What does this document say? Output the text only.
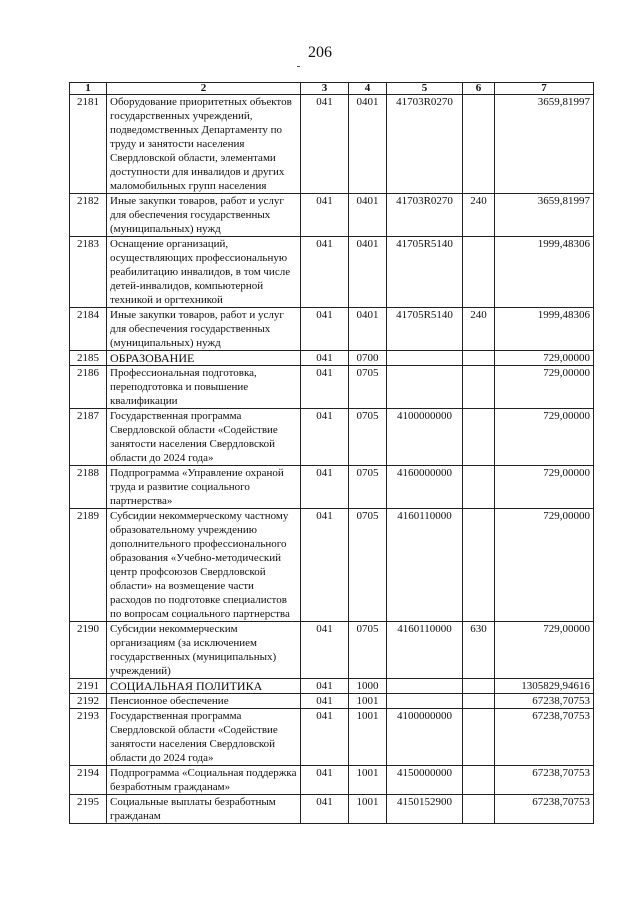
206
1	2	3	4	5	6	7
2181	Оборудование приоритетных объектов государственных учреждений, подведомственных Департаменту по труду и занятости населения Свердловской области, элементами доступности для инвалидов и других маломобильных групп населения	041	0401	41703R0270		3659,81997
2182	Иные закупки товаров, работ и услуг для обеспечения государственных (муниципальных) нужд	041	0401	41703R0270	240	3659,81997
2183	Оснащение организаций, осуществляющих профессиональную реабилитацию инвалидов, в том числе детей-инвалидов, компьютерной техникой и оргтехникой	041	0401	41705R5140		1999,48306
2184	Иные закупки товаров, работ и услуг для обеспечения государственных (муниципальных) нужд	041	0401	41705R5140	240	1999,48306
2185	ОБРАЗОВАНИЕ	041	0700			729,00000
2186	Профессиональная подготовка, переподготовка и повышение квалификации	041	0705			729,00000
2187	Государственная программа Свердловской области «Содействие занятости населения Свердловской области до 2024 года»	041	0705	4100000000		729,00000
2188	Подпрограмма «Управление охраной труда и развитие социального партнерства»	041	0705	4160000000		729,00000
2189	Субсидии некоммерческому частному образовательному учреждению дополнительного профессионального образования «Учебно-методический центр профсоюзов Свердловской области» на возмещение части расходов по подготовке специалистов по вопросам социального партнерства	041	0705	4160110000		729,00000
2190	Субсидии некоммерческим организациям (за исключением государственных (муниципальных) учреждений)	041	0705	4160110000	630	729,00000
2191	СОЦИАЛЬНАЯ ПОЛИТИКА	041	1000			1305829,94616
2192	Пенсионное обеспечение	041	1001			67238,70753
2193	Государственная программа Свердловской области «Содействие занятости населения Свердловской области до 2024 года»	041	1001	4100000000		67238,70753
2194	Подпрограмма «Социальная поддержка безработным гражданам»	041	1001	4150000000		67238,70753
2195	Социальные выплаты безработным гражданам	041	1001	4150152900		67238,70753
